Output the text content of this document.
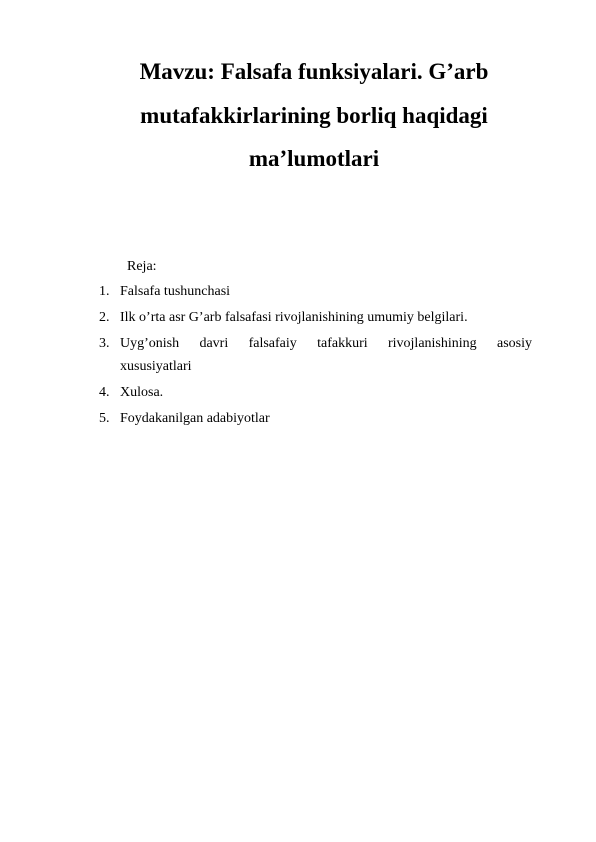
Mavzu: Falsafa funksiyalari. G’arb
mutafakkirlarining borliq haqidagi
ma’lumotlari
Reja:
1. Falsafa tushunchasi
2. Ilk o’rta asr G’arb falsafasi rivojlanishining umumiy belgilari.
3. Uyg’onish davri falsafaiy tafakkuri rivojlanishining asosiy
xususiyatlari
4. Xulosa.
5. Foydakanilgan adabiyotlar
